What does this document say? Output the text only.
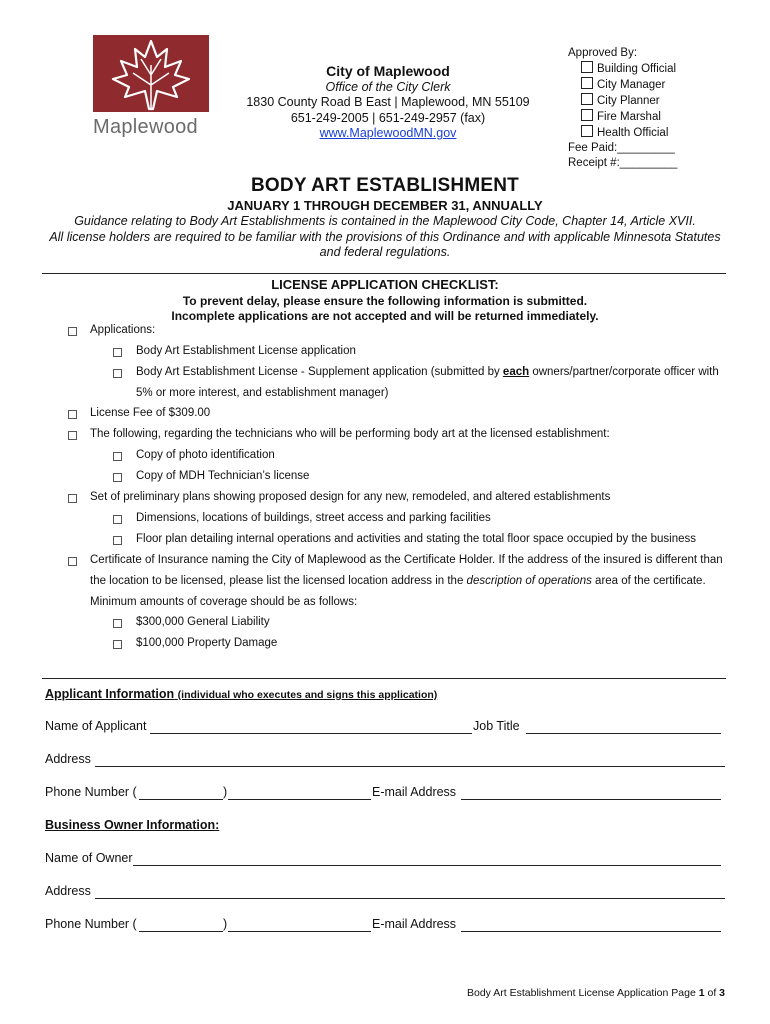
Maplewood
City of Maplewood
Office of the City Clerk
1830 County Road B East | Maplewood, MN 55109
651-249-2005 | 651-249-2957 (fax)
www.MaplewoodMN.gov
Approved By:
Building Official
City Manager
City Planner
Fire Marshal
Health Official
Fee Paid:_________
Receipt #:_________
BODY ART ESTABLISHMENT
JANUARY 1 THROUGH DECEMBER 31, ANNUALLY
Guidance relating to Body Art Establishments is contained in the Maplewood City Code, Chapter 14, Article XVII.
All license holders are required to be familiar with the provisions of this Ordinance and with applicable Minnesota Statutes
and federal regulations.
LICENSE APPLICATION CHECKLIST:
To prevent delay, please ensure the following information is submitted.
Incomplete applications are not accepted and will be returned immediately.
Applications:
Body Art Establishment License application
Body Art Establishment License - Supplement application (submitted by each owners/partner/corporate officer with
5% or more interest, and establishment manager)
License Fee of $309.00
The following, regarding the technicians who will be performing body art at the licensed establishment:
Copy of photo identification
Copy of MDH Technician’s license
Set of preliminary plans showing proposed design for any new, remodeled, and altered establishments
Dimensions, locations of buildings, street access and parking facilities
Floor plan detailing internal operations and activities and stating the total floor space occupied by the business
Certificate of Insurance naming the City of Maplewood as the Certificate Holder. If the address of the insured is different than
the location to be licensed, please list the licensed location address in the description of operations area of the certificate.
Minimum amounts of coverage should be as follows:
$300,000 General Liability
$100,000 Property Damage
Applicant Information (individual who executes and signs this application)
Name of Applicant	Job Title
Address
Phone Number (	)	E-mail Address
Business Owner Information:
Name of Owner
Address
Phone Number (	)	E-mail Address
Body Art Establishment License Application Page 1 of 3
